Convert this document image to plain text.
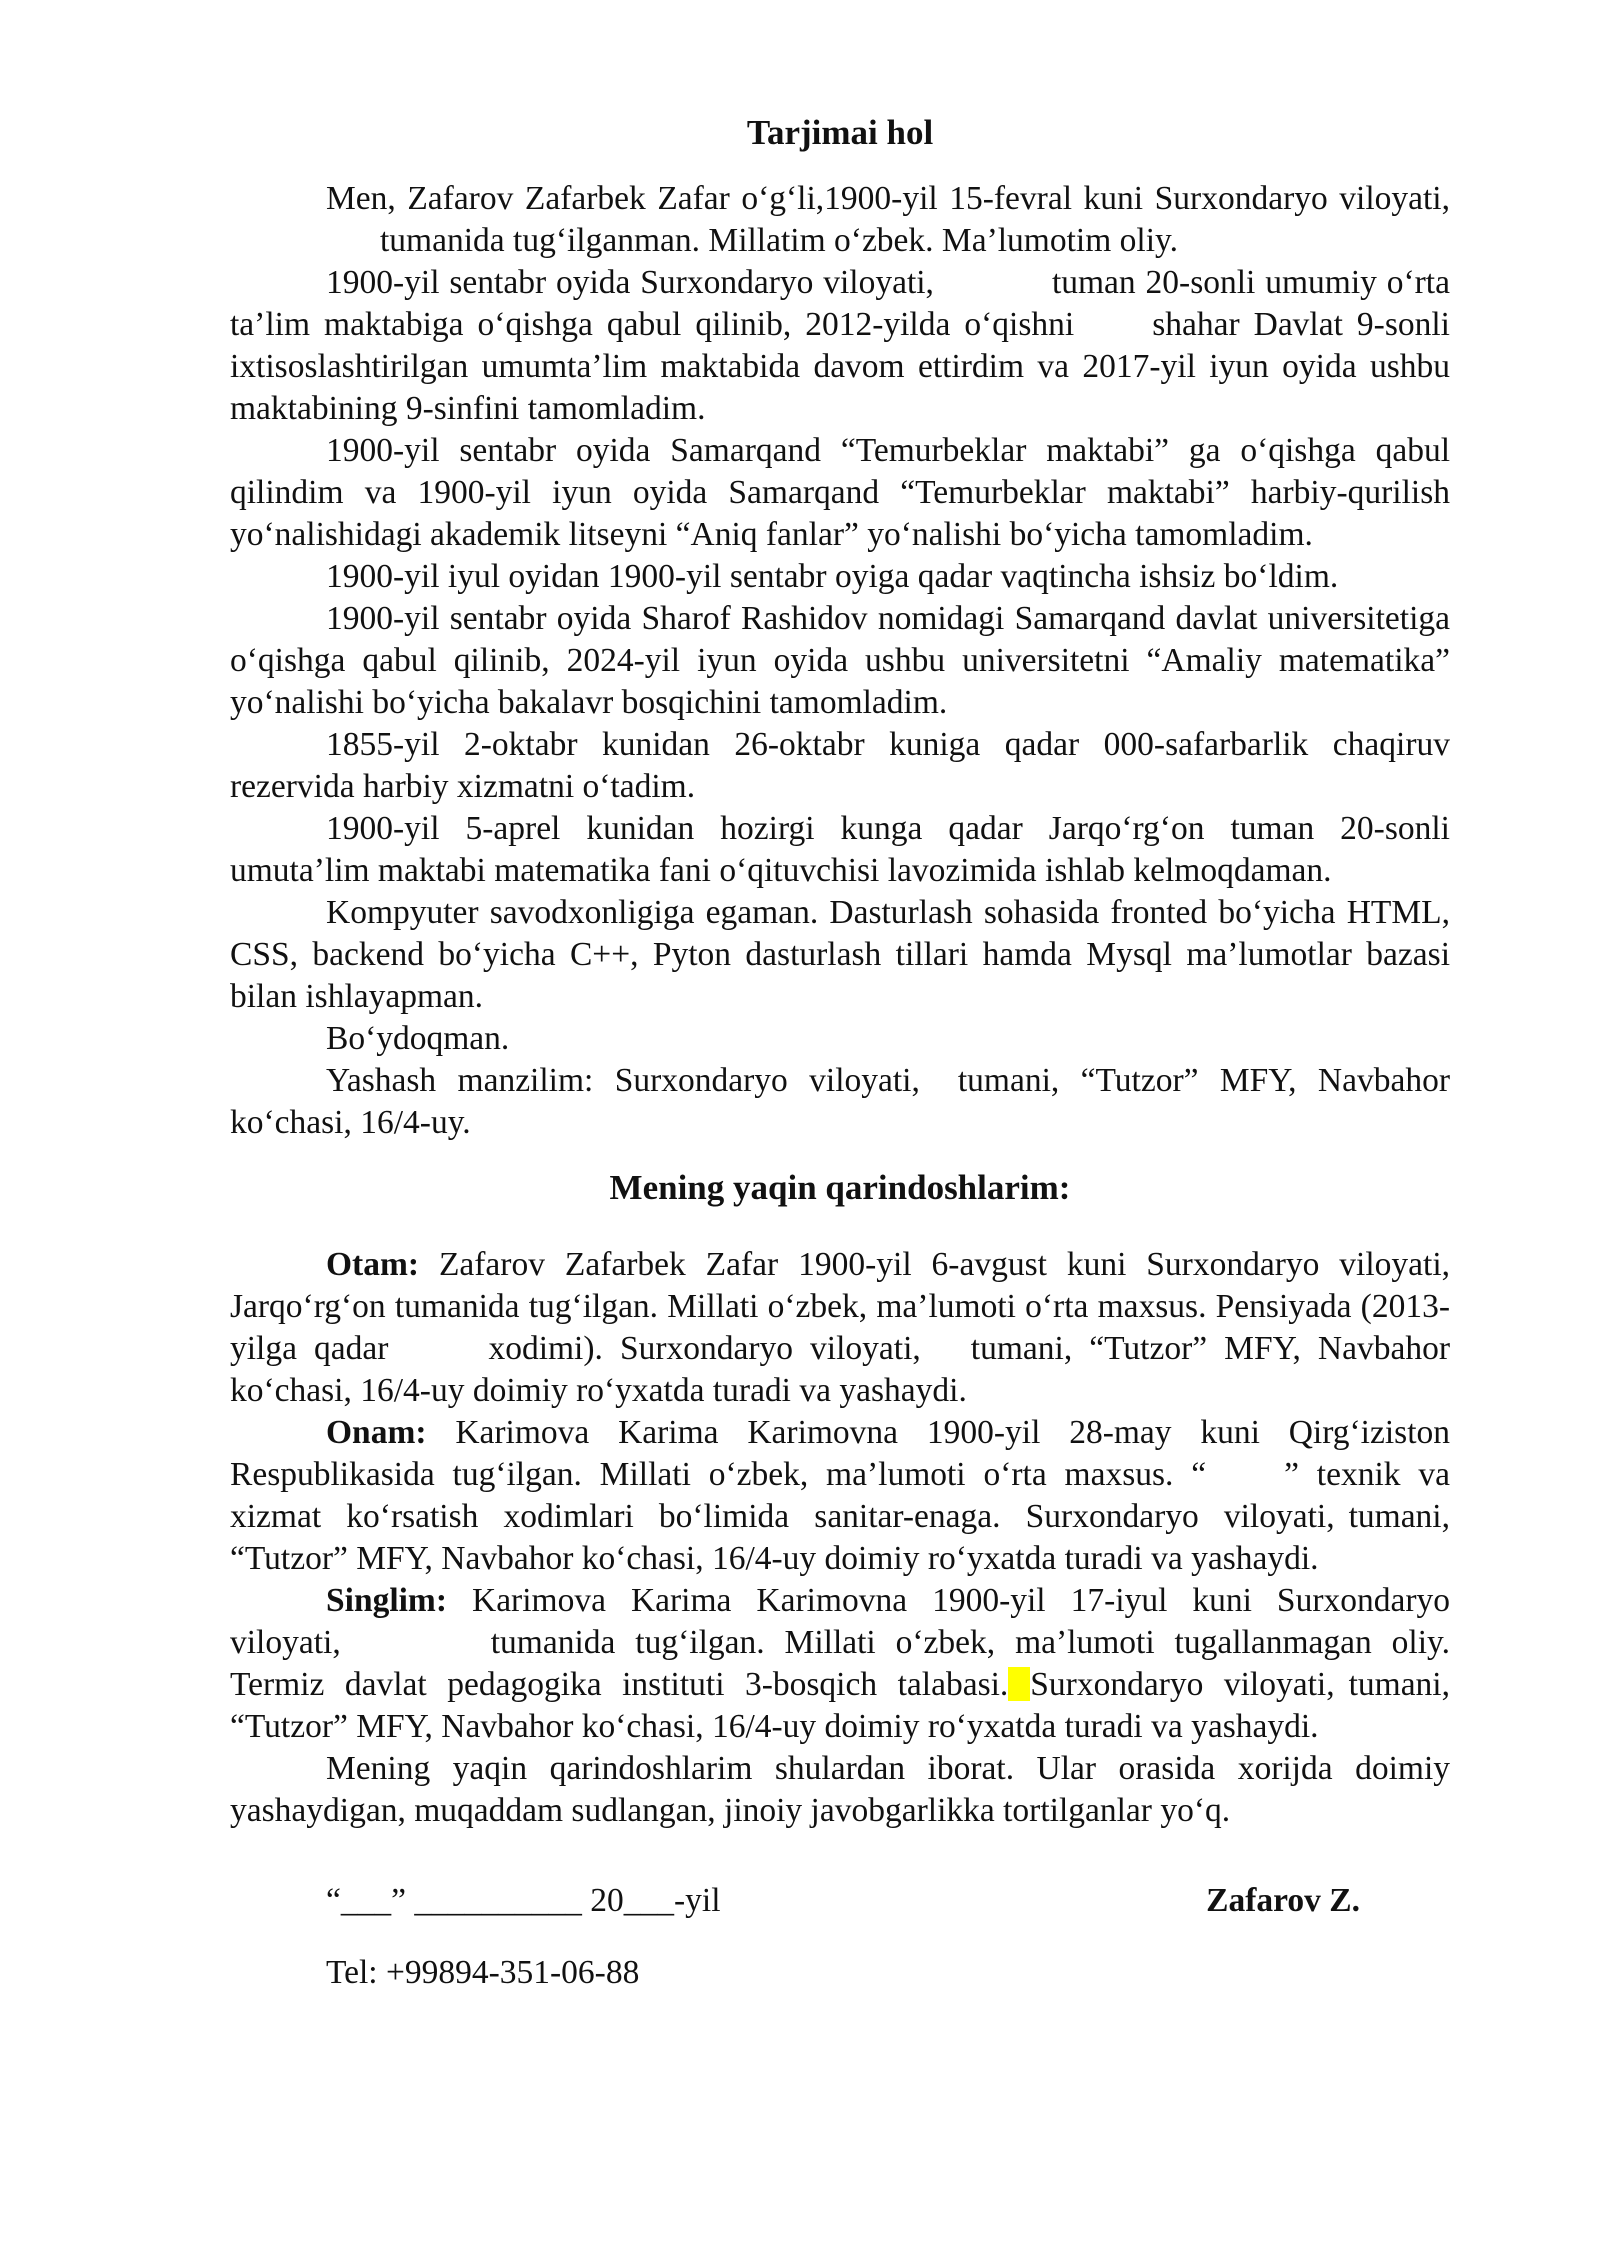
Tarjimai hol

Men, Zafarov Zafarbek Zafar o‘g‘li,1900-yil 15-fevral kuni Surxondaryo viloyati,tumanida tug‘ilganman. Millatim o‘zbek. Ma’lumotim oliy.

1900-yil sentabr oyida Surxondaryo viloyati,	tuman 20-sonli umumiy o‘rta ta’lim maktabiga o‘qishga qabul qilinib, 2012-yilda o‘qishni shahar Davlat 9-sonli ixtisoslashtirilgan umumta’lim maktabida davom ettirdim va 2017-yil iyun oyida ushbu maktabining 9-sinfini tamomladim.

1900-yil sentabr oyida Samarqand “Temurbeklar maktabi” ga o‘qishga qabul qilindim va 1900-yil iyun oyida Samarqand “Temurbeklar maktabi” harbiy-qurilish yo‘nalishidagi akademik litseyni “Aniq fanlar” yo‘nalishi bo‘yicha tamomladim.

1900-yil iyul oyidan 1900-yil sentabr oyiga qadar vaqtincha ishsiz bo‘ldim.

1900-yil sentabr oyida Sharof Rashidov nomidagi Samarqand davlat universitetiga o‘qishga qabul qilinib, 2024-yil iyun oyida ushbu universitetni “Amaliy matematika” yo‘nalishi bo‘yicha bakalavr bosqichini tamomladim.

1855-yil 2-oktabr kunidan 26-oktabr kuniga qadar 000-safarbarlik chaqiruv rezervida harbiy xizmatni o‘tadim.

1900-yil 5-aprel kunidan hozirgi kunga qadar Jarqo‘rg‘on tuman 20-sonli umuta’lim maktabi matematika fani o‘qituvchisi lavozimida ishlab kelmoqdaman.

Kompyuter savodxonligiga egaman. Dasturlash sohasida fronted bo‘yicha HTML, CSS, backend bo‘yicha C++, Pyton dasturlash tillari hamda Mysql ma’lumotlar bazasi bilan ishlayapman.

Bo‘ydoqman.

Yashash manzilim: Surxondaryo viloyati, tumani, “Tutzor” MFY, Navbahor ko‘chasi, 16/4-uy.

Mening yaqin qarindoshlarim:

Otam: Zafarov Zafarbek Zafar 1900-yil 6-avgust kuni Surxondaryo viloyati, Jarqo‘rg‘on tumanida tug‘ilgan. Millati o‘zbek, ma’lumoti o‘rta maxsus. Pensiyada (2013-yilga qadar	xodimi). Surxondaryo viloyati, tumani, “Tutzor” MFY, Navbahor ko‘chasi, 16/4-uy doimiy ro‘yxatda turadi va yashaydi.

Onam: Karimova Karima Karimovna 1900-yil 28-may kuni Qirg‘iziston Respublikasida tug‘ilgan. Millati o‘zbek, ma’lumoti o‘rta maxsus. “ ” texnik va xizmat ko‘rsatish xodimlari bo‘limida sanitar-enaga. Surxondaryo viloyati, tumani, “Tutzor” MFY, Navbahor ko‘chasi, 16/4-uy doimiy ro‘yxatda turadi va yashaydi.

Singlim: Karimova Karima Karimovna 1900-yil 17-iyul kuni Surxondaryo viloyati,	tumanida tug‘ilgan. Millati o‘zbek, ma’lumoti tugallanmagan oliy. Termiz davlat pedagogika instituti 3-bosqich talabasi. Surxondaryo viloyati, tumani, “Tutzor” MFY, Navbahor ko‘chasi, 16/4-uy doimiy ro‘yxatda turadi va yashaydi.

Mening yaqin qarindoshlarim shulardan iborat. Ular orasida xorijda doimiy yashaydigan, muqaddam sudlangan, jinoiy javobgarlikka tortilganlar yo‘q.

“___” __________ 20___-yil	Zafarov Z.
Tel: +99894-351-06-88
